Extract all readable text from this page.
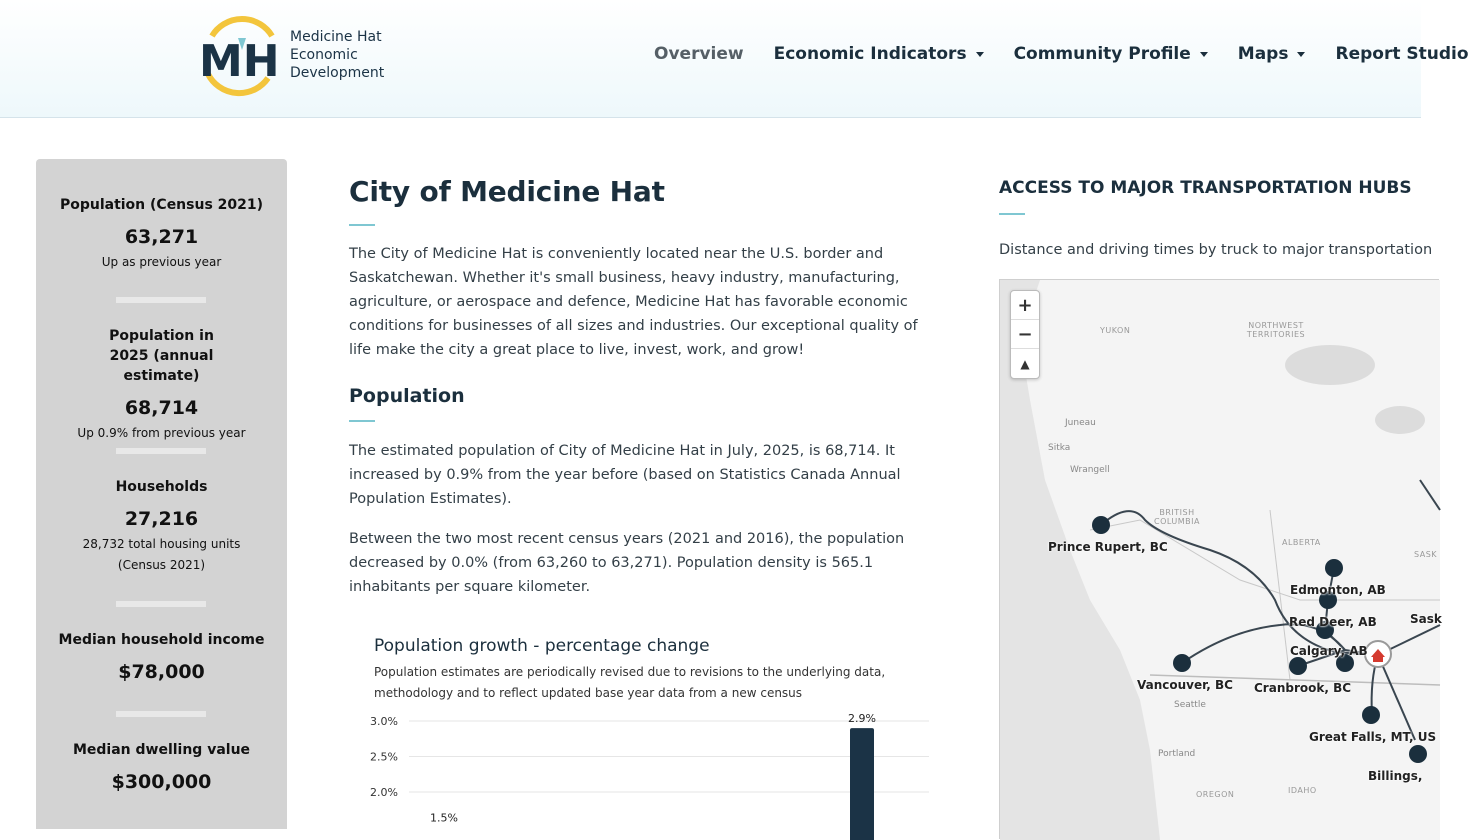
MH Medicine Hat
Economic
Development
Overview Economic Indicators	Community Profile	Maps	Report Studio
Population (Census 2021)
63,271
Up as previous year
Population in 2025 (annual estimate)
68,714
Up 0.9% from previous year
Households
27,216
28,732 total housing units (Census 2021)
Median household income
$78,000
Median dwelling value
$300,000
City of Medicine Hat

The City of Medicine Hat is conveniently located near the U.S. border and Saskatchewan. Whether it's small business, heavy industry, manufacturing, agriculture, or aerospace and defence, Medicine Hat has favorable economic conditions for businesses of all sizes and industries. Our exceptional quality of life make the city a great place to live, invest, work, and grow!

Population

The estimated population of City of Medicine Hat in July, 2025, is 68,714. It increased by 0.9% from the year before (based on Statistics Canada Annual Population Estimates).

Between the two most recent census years (2021 and 2016), the population decreased by 0.0% (from 63,260 to 63,271). Population density is 565.1 inhabitants per square kilometer.

Population growth - percentage change
Population estimates are periodically revised due to revisions to the underlying data, methodology and to reflect updated base year data from a new census
3.0%
2.5%
2.0%
1.5%
2.9%
ACCESS TO MAJOR TRANSPORTATION HUBS

Distance and driving times by truck to major transportation

+
−
▲
YUKON
NORTHWEST TERRITORIES
BRITISH COLUMBIA
ALBERTA
SASK
OREGON	IDAHO
Juneau
Sitka
Wrangell
Seattle
Portland
Prince Rupert, BC
Edmonton, AB
Red Deer, AB
Calgary, AB
Vancouver, BC Cranbrook, BC
Great Falls, MT, US
Billings,
Sask
